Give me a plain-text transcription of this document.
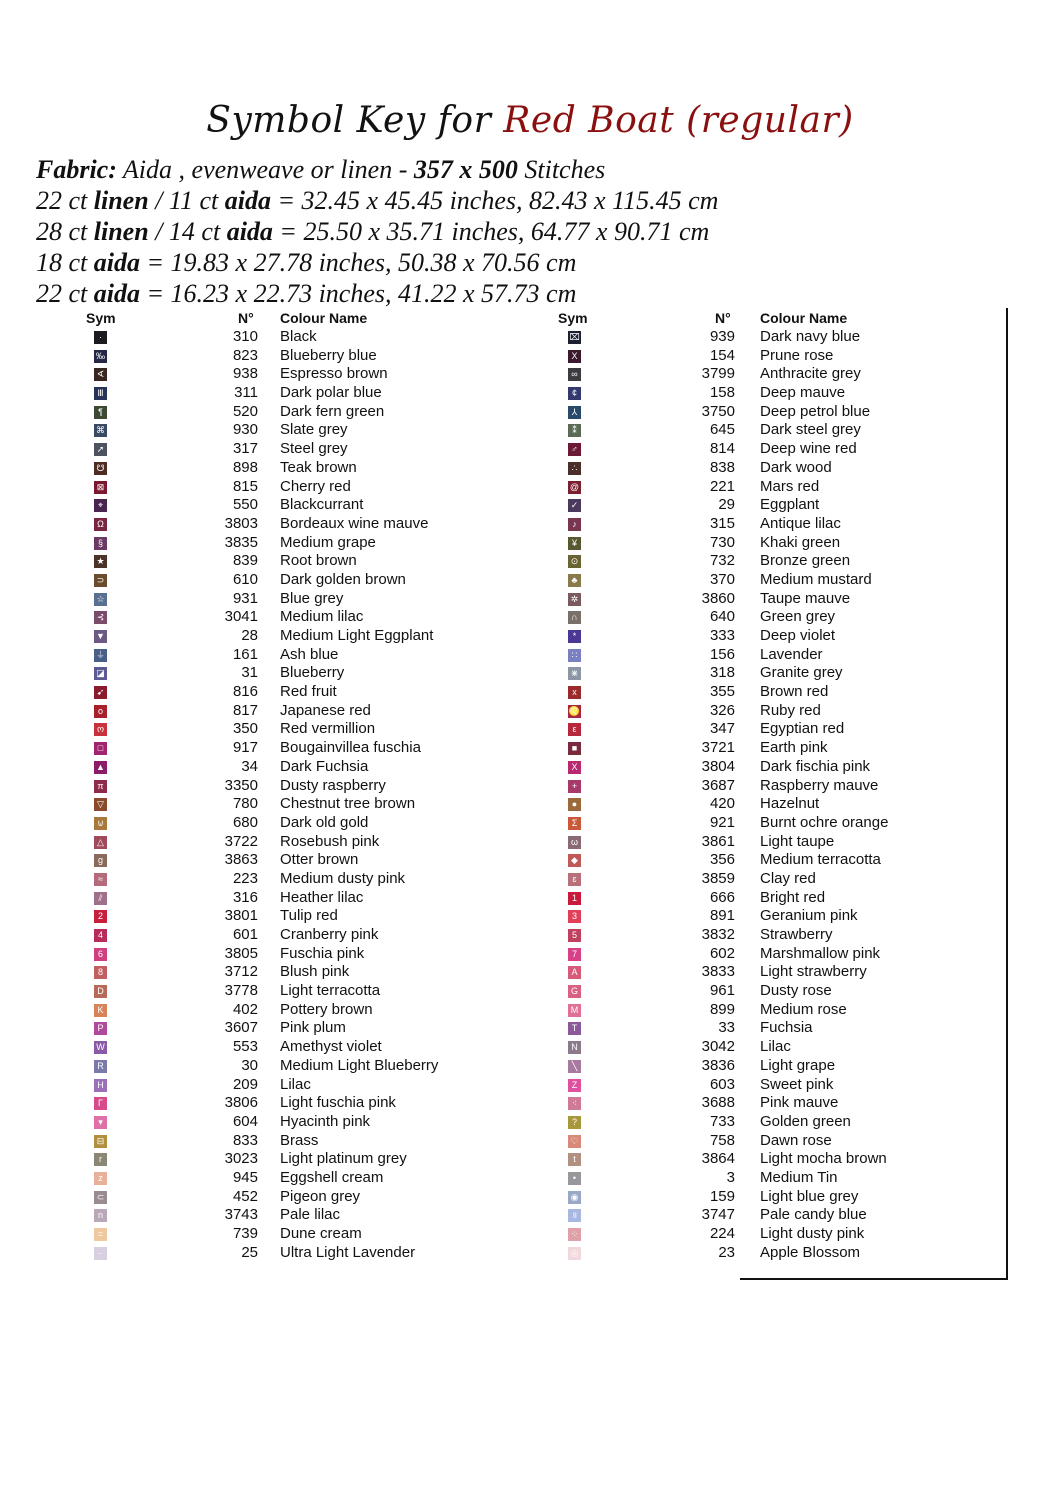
Symbol Key for Red Boat (regular)
Fabric: Aida , evenweave or linen - 357 x 500 Stitches
22 ct linen / 11 ct aida = 32.45 x 45.45 inches, 82.43 x 115.45 cm
28 ct linen / 14 ct aida = 25.50 x 35.71 inches, 64.77 x 90.71 cm
18 ct aida = 19.83 x 27.78 inches, 50.38 x 70.56 cm
22 ct aida = 16.23 x 22.73 inches, 41.22 x 57.73 cm
Sym	N° Colour Name
·	310 Black
‰	823 Blueberry blue
∢	938 Espresso brown
Ⅲ	311 Dark polar blue
¶	520 Dark fern green
⌘	930 Slate grey
➚	317 Steel grey
☋	898 Teak brown
⊠	815 Cherry red
⌖	550 Blackcurrant
Ω	3803 Bordeaux wine mauve
§	3835 Medium grape
★	839 Root brown
⊃	610 Dark golden brown
☆	931 Blue grey
⊰	3041 Medium lilac
▼	28 Medium Light Eggplant
⏚	161 Ash blue
◪	31 Blueberry
➹	816 Red fruit
o	817 Japanese red
ო	350 Red vermillion
□	917 Bougainvillea fuschia
▲	34 Dark Fuchsia
π	3350 Dusty raspberry
▽	780 Chestnut tree brown
⊍	680 Dark old gold
△	3722 Rosebush pink
g	3863 Otter brown
≈	223 Medium dusty pink
⫽	316 Heather lilac
2	3801 Tulip red
4	601 Cranberry pink
6	3805 Fuschia pink
8	3712 Blush pink
D	3778 Light terracotta
K	402 Pottery brown
P	3607 Pink plum
W	553 Amethyst violet
R	30 Medium Light Blueberry
H	209 Lilac
Γ	3806 Light fuschia pink
▾	604 Hyacinth pink
⊟	833 Brass
r	3023 Light platinum grey
z	945 Eggshell cream
⊂	452 Pigeon grey
n	3743 Pale lilac
=	739 Dune cream
··	25 Ultra Light Lavender
Sym	N° Colour Name
⌧	939 Dark navy blue
X	154 Prune rose
∞	3799 Anthracite grey
¢	158 Deep mauve
⅄	3750 Deep petrol blue
⁑	645 Dark steel grey
♂	814 Deep wine red
∴	838 Dark wood
@	221 Mars red
✓	29 Eggplant
♪	315 Antique lilac
¥	730 Khaki green
⊙	732 Bronze green
♣	370 Medium mustard
✲	3860 Taupe mauve
∩	640 Green grey
*	333 Deep violet
∷	156 Lavender
⋇	318 Granite grey
x	355 Brown red
♌	326 Ruby red
ε	347 Egyptian red
■	3721 Earth pink
X	3804 Dark fischia pink
+	3687 Raspberry mauve
●	420 Hazelnut
Σ	921 Burnt ochre orange
ω	3861 Light taupe
◆	356 Medium terracotta
ɛ	3859 Clay red
1	666 Bright red
3	891 Geranium pink
5	3832 Strawberry
7	602 Marshmallow pink
A	3833 Light strawberry
G	961 Dusty rose
M	899 Medium rose
T	33 Fuchsia
N	3042 Lilac
╲	3836 Light grape
Z	603 Sweet pink
⁖	3688 Pink mauve
?	733 Golden green
♡	758 Dawn rose
t	3864 Light mocha brown
•	3 Medium Tin
◉	159 Light blue grey
॥	3747 Pale candy blue
⁘	224 Light dusty pink
◎	23 Apple Blossom
